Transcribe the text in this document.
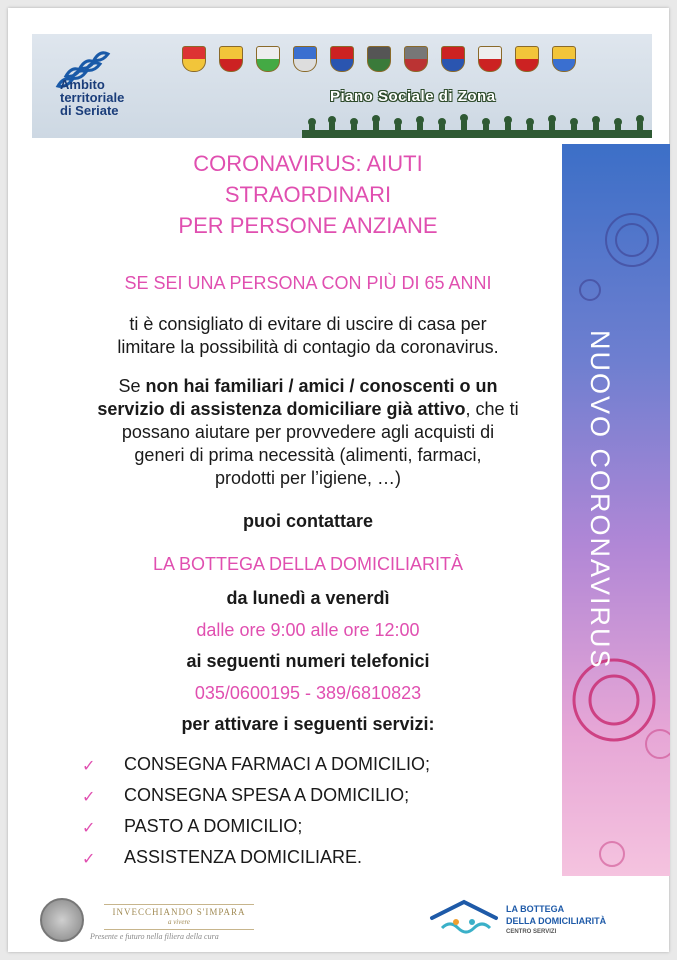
Ambito
territoriale
di Seriate
Piano Sociale di Zona
NUOVO CORONAVIRUS
CORONAVIRUS: AIUTI
STRAORDINARI
PER PERSONE ANZIANE
SE SEI UNA PERSONA CON PIÙ DI 65 ANNI
ti è consigliato di evitare di uscire di casa per
limitare la possibilità di contagio da coronavirus.
Se non hai familiari / amici / conoscenti o un
servizio di assistenza domiciliare già attivo, che ti
possano aiutare per provvedere agli acquisti di
generi di prima necessità (alimenti, farmaci,
prodotti per l’igiene, …)
puoi contattare
LA BOTTEGA DELLA DOMICILIARITÀ
da lunedì a venerdì
dalle ore 9:00 alle ore 12:00
ai seguenti numeri telefonici
035/0600195 - 389/6810823
per attivare i seguenti servizi:
✓ CONSEGNA FARMACI A DOMICILIO;
✓ CONSEGNA SPESA A DOMICILIO;
✓ PASTO A DOMICILIO;
✓ ASSISTENZA DOMICILIARE.
INVECCHIANDO S'IMPARA
a vivere
Presente e futuro nella filiera della cura
LA BOTTEGA
DELLA DOMICILIARITÀ
CENTRO SERVIZI
